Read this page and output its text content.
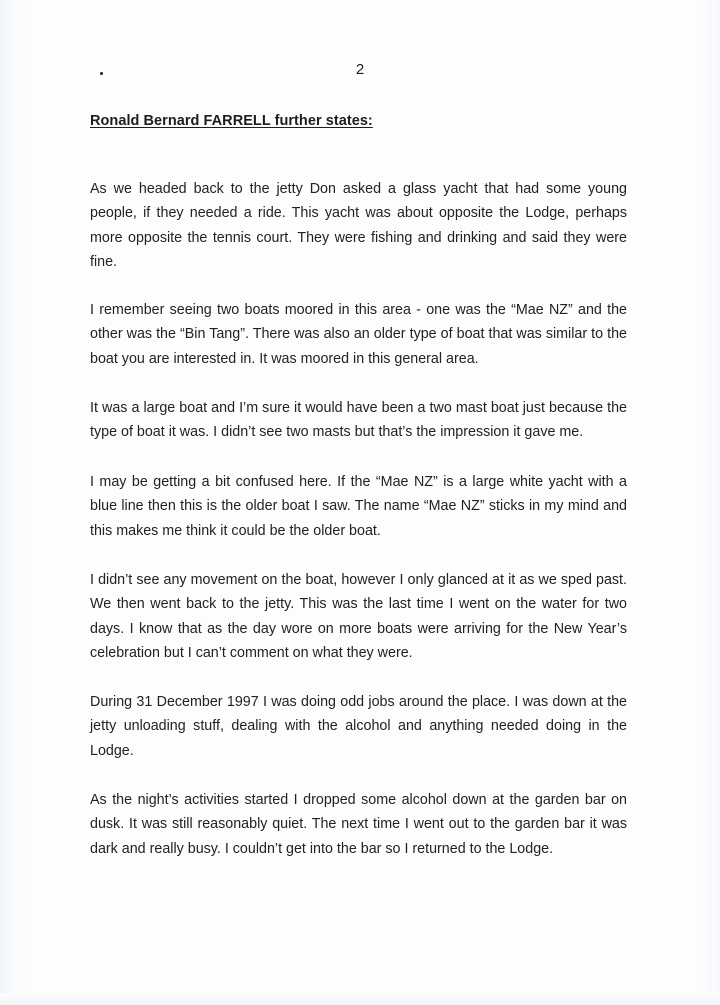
2
Ronald Bernard FARRELL further states:

As we headed back to the jetty Don asked a glass yacht that had some young people, if they needed a ride. This yacht was about opposite the Lodge, perhaps more opposite the tennis court. They were fishing and drinking and said they were fine.

I remember seeing two boats moored in this area - one was the “Mae NZ” and the other was the “Bin Tang”. There was also an older type of boat that was similar to the boat you are interested in. It was moored in this general area.

It was a large boat and I’m sure it would have been a two mast boat just because the type of boat it was. I didn’t see two masts but that’s the impression it gave me.

I may be getting a bit confused here. If the “Mae NZ” is a large white yacht with a blue line then this is the older boat I saw. The name “Mae NZ” sticks in my mind and this makes me think it could be the older boat.

I didn’t see any movement on the boat, however I only glanced at it as we sped past. We then went back to the jetty. This was the last time I went on the water for two days. I know that as the day wore on more boats were arriving for the New Year’s celebration but I can’t comment on what they were.

During 31 December 1997 I was doing odd jobs around the place. I was down at the jetty unloading stuff, dealing with the alcohol and anything needed doing in the Lodge.

As the night’s activities started I dropped some alcohol down at the garden bar on dusk. It was still reasonably quiet. The next time I went out to the garden bar it was dark and really busy. I couldn’t get into the bar so I returned to the Lodge.
